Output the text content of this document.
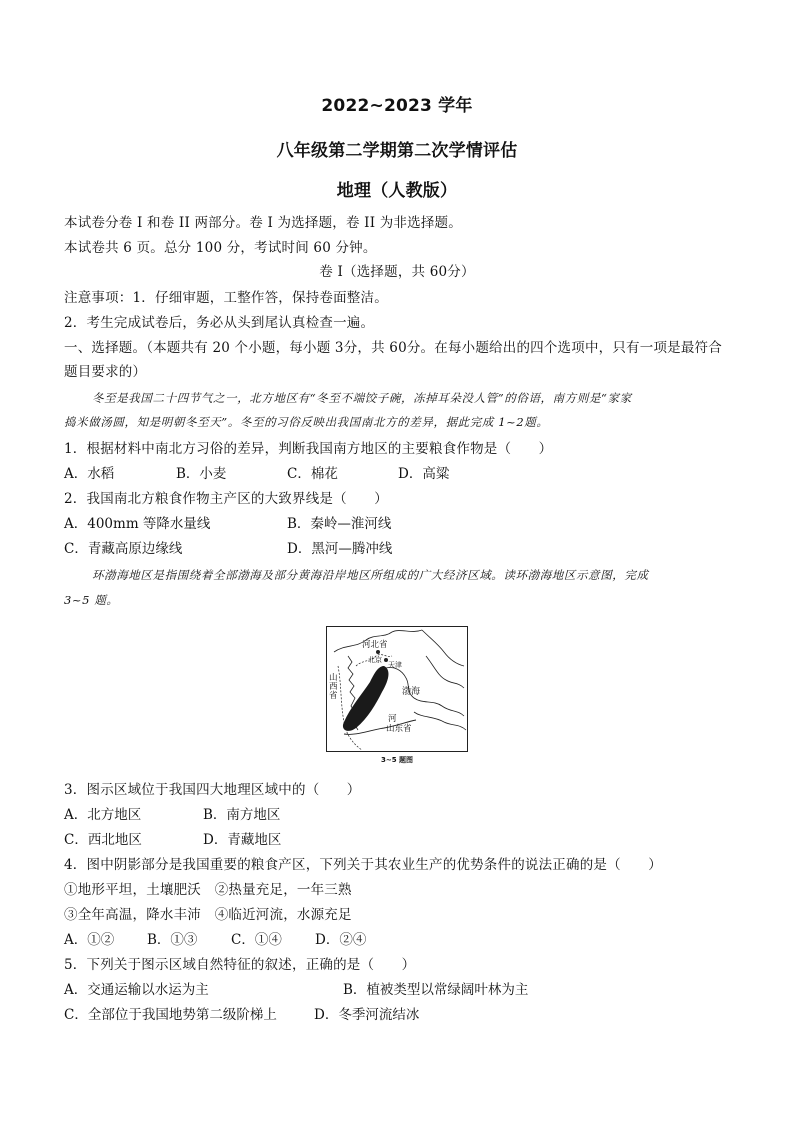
2022~2023 学年
八年级第二学期第二次学情评估
地理（人教版）
本试卷分卷 I 和卷 II 两部分。卷 I 为选择题，卷 II 为非选择题。
本试卷共 6 页。总分 100 分，考试时间 60 分钟。
卷 I（选择题，共 60分）
注意事项：1．仔细审题，工整作答，保持卷面整洁。
2．考生完成试卷后，务必从头到尾认真检查一遍。
一、选择题。（本题共有 20 个小题，每小题 3分，共 60分。在每小题给出的四个选项中，只有一项是最符合
题目要求的）
冬至是我国二十四节气之一，北方地区有“冬至不端饺子碗，冻掉耳朵没人管”的俗语，南方则是“家家
捣米做汤圆，知是明朝冬至天”。冬至的习俗反映出我国南北方的差异，据此完成 1~2题。
1．根据材料中南北方习俗的差异，判断我国南方地区的主要粮食作物是（　　）
A．水稻	B．小麦	C．棉花	D．高粱
2．我国南北方粮食作物主产区的大致界线是（　　）
A．400mm 等降水量线	B．秦岭—淮河线
C．青藏高原边缘线	D．黑河—腾冲线
环渤海地区是指围绕着全部渤海及部分黄海沿岸地区所组成的广大经济区域。读环渤海地区示意图，完成
3~5 题。
河北省
北京
天津
渤海
山西省
河
山东省
3~5 题图
3．图示区域位于我国四大地理区域中的（　　）
A．北方地区	B．南方地区
C．西北地区	D．青藏地区
4．图中阴影部分是我国重要的粮食产区，下列关于其农业生产的优势条件的说法正确的是（　　）
①地形平坦，土壤肥沃　②热量充足，一年三熟
③全年高温，降水丰沛　④临近河流，水源充足
A．①② B．①③ C．①④ D．②④
5．下列关于图示区域自然特征的叙述，正确的是（　　）
A．交通运输以水运为主	B．植被类型以常绿阔叶林为主
C．全部位于我国地势第二级阶梯上	D．冬季河流结冰
